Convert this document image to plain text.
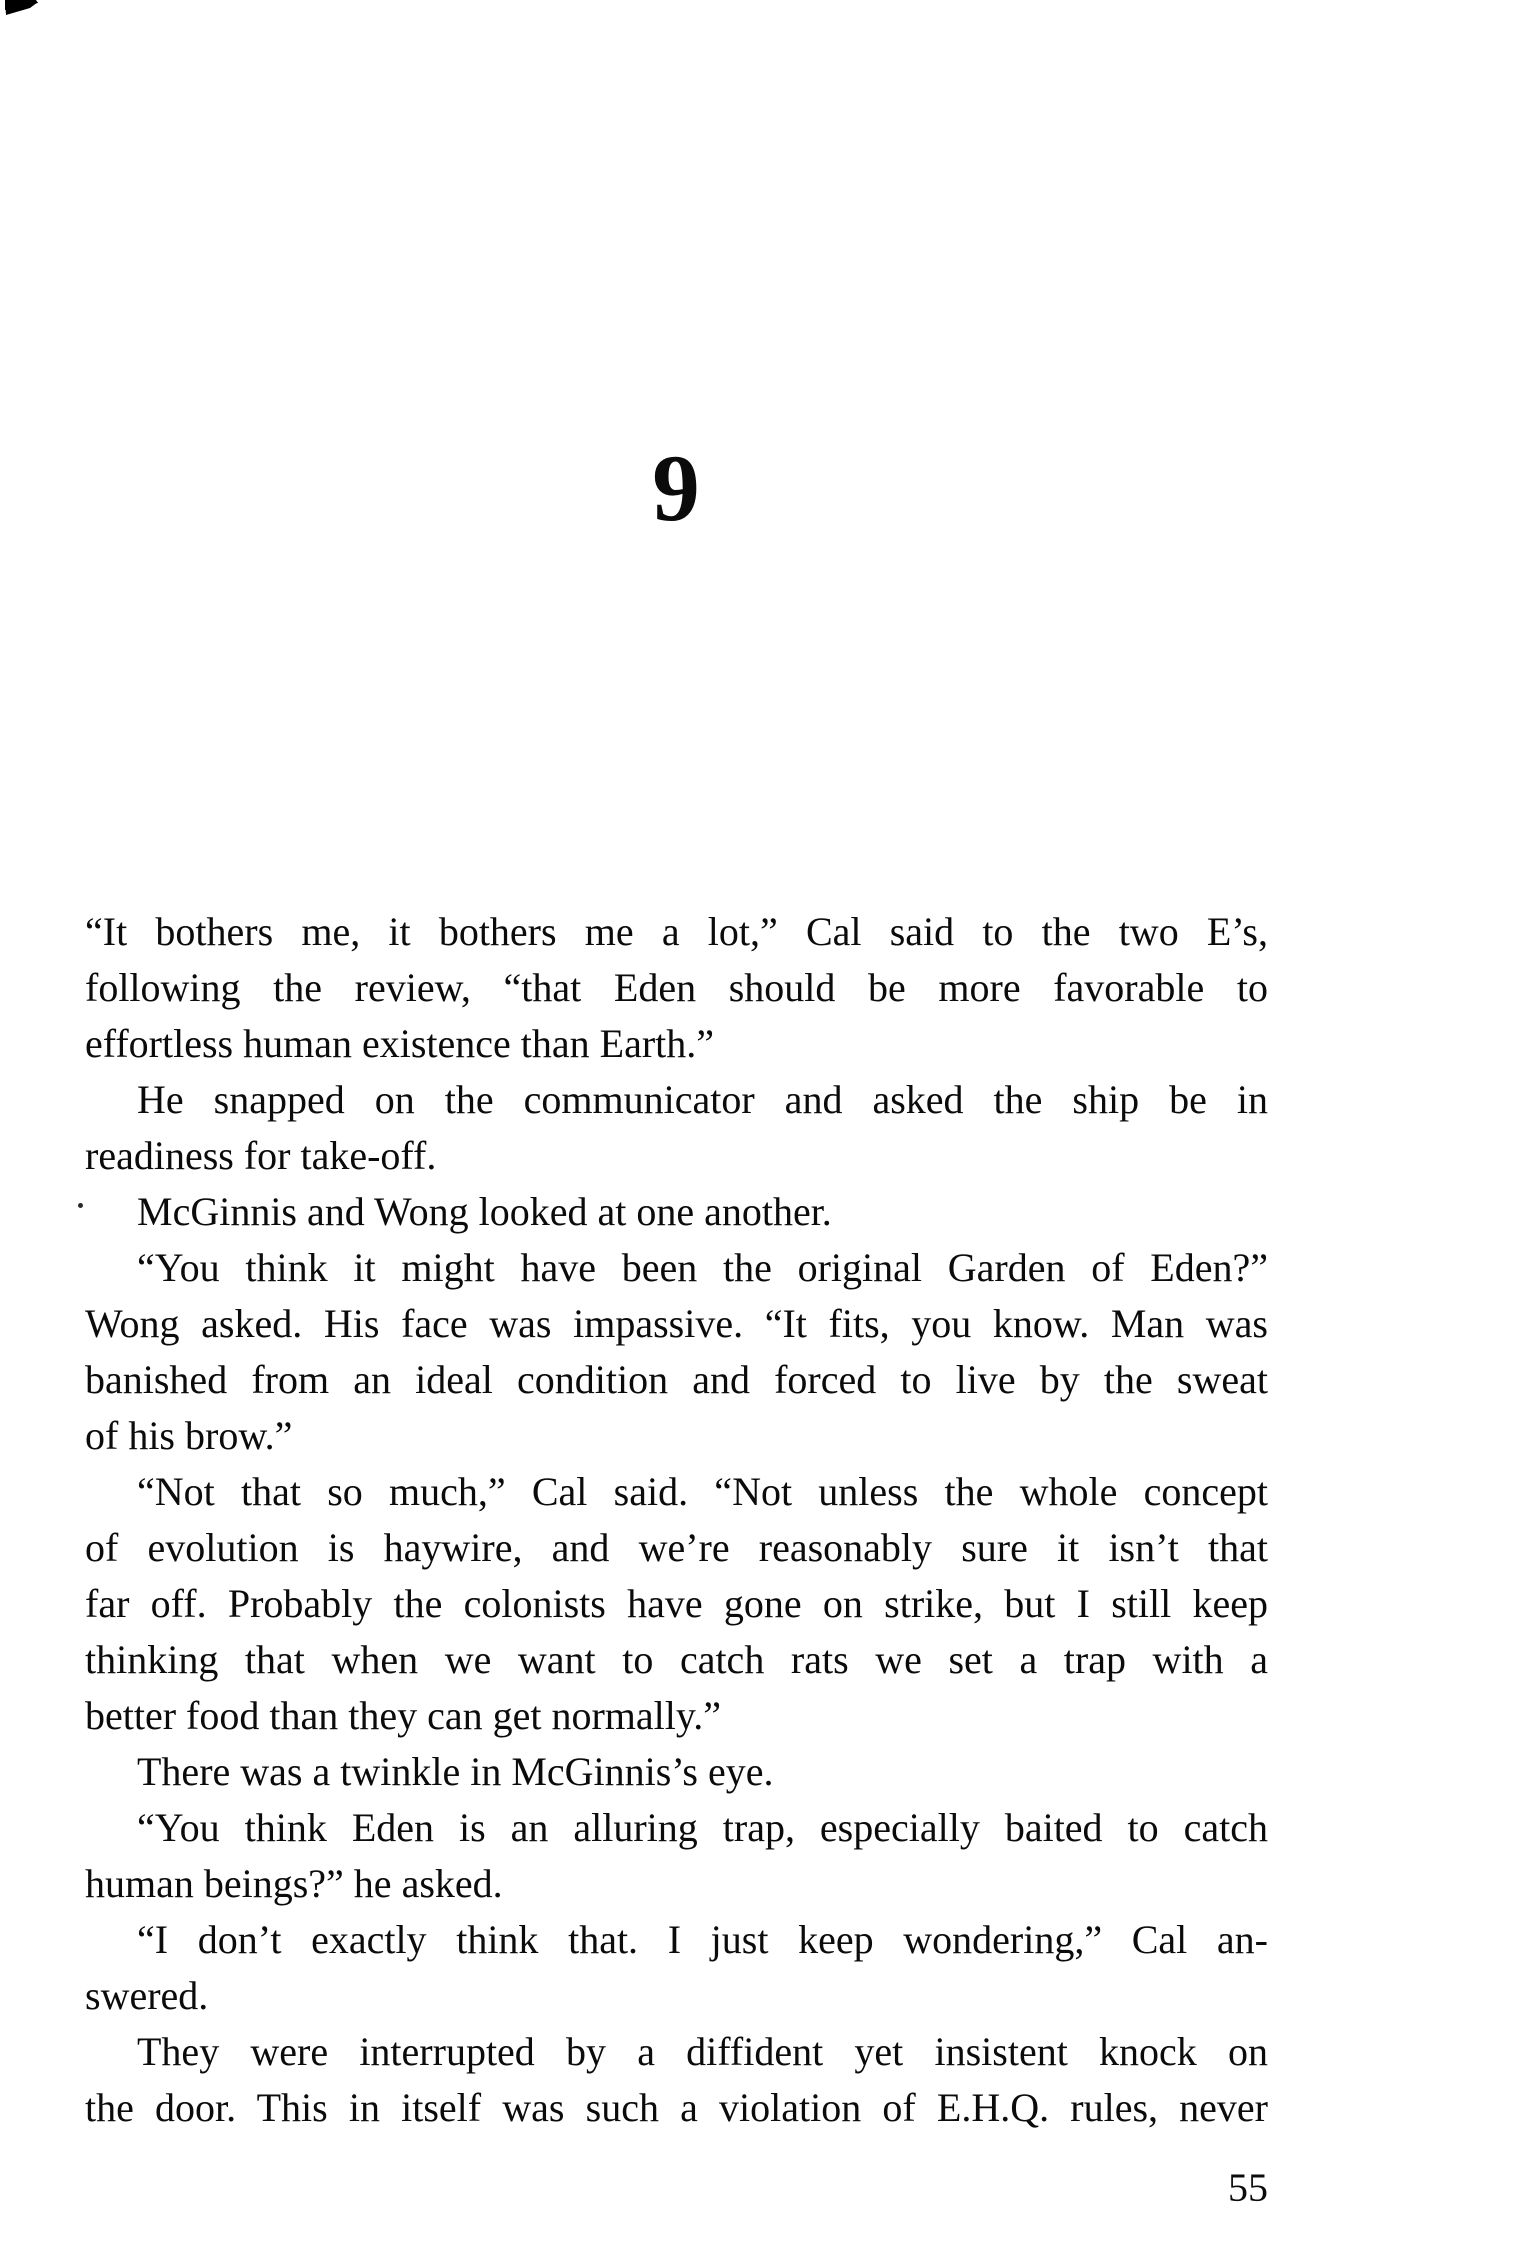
9
“It bothers me, it bothers me a lot,” Cal said to the two E’s,
following the review, “that Eden should be more favorable to
effortless human existence than Earth.”
He snapped on the communicator and asked the ship be in
readiness for take-off.
McGinnis and Wong looked at one another.
“You think it might have been the original Garden of Eden?”
Wong asked. His face was impassive. “It fits, you know. Man was
banished from an ideal condition and forced to live by the sweat
of his brow.”
“Not that so much,” Cal said. “Not unless the whole concept
of evolution is haywire, and we’re reasonably sure it isn’t that
far off. Probably the colonists have gone on strike, but I still keep
thinking that when we want to catch rats we set a trap with a
better food than they can get normally.”
There was a twinkle in McGinnis’s eye.
“You think Eden is an alluring trap, especially baited to catch
human beings?” he asked.
“I don’t exactly think that. I just keep wondering,” Cal an-
swered.
They were interrupted by a diffident yet insistent knock on
the door. This in itself was such a violation of E.H.Q. rules, never
55
